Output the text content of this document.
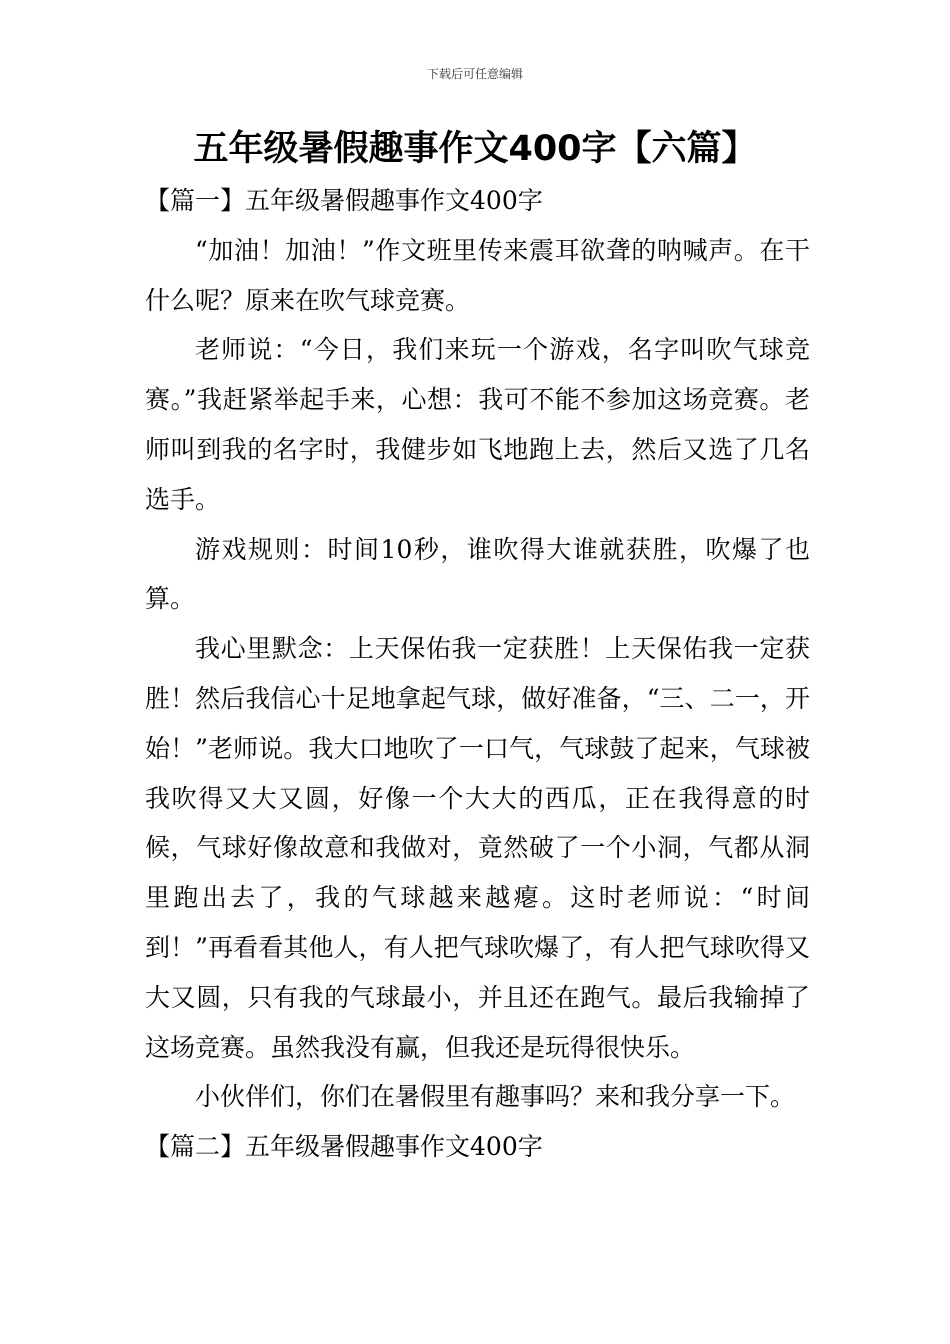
下载后可任意编辑
五年级暑假趣事作文400字【六篇】

【篇一】五年级暑假趣事作文400字

“加油！加油！”作文班里传来震耳欲聋的呐喊声。在干什么呢？原来在吹气球竞赛。

老师说：“今日，我们来玩一个游戏，名字叫吹气球竞赛。”我赶紧举起手来，心想：我可不能不参加这场竞赛。老师叫到我的名字时，我健步如飞地跑上去，然后又选了几名选手。

游戏规则：时间10秒，谁吹得大谁就获胜，吹爆了也算。

我心里默念：上天保佑我一定获胜！上天保佑我一定获胜！然后我信心十足地拿起气球，做好准备，“三、二一，开始！”老师说。我大口地吹了一口气，气球鼓了起来，气球被我吹得又大又圆，好像一个大大的西瓜，正在我得意的时候，气球好像故意和我做对，竟然破了一个小洞，气都从洞里跑出去了，我的气球越来越瘪。这时老师说：“时间到！”再看看其他人，有人把气球吹爆了，有人把气球吹得又大又圆，只有我的气球最小，并且还在跑气。最后我输掉了这场竞赛。虽然我没有赢，但我还是玩得很快乐。

小伙伴们，你们在暑假里有趣事吗？来和我分享一下。

【篇二】五年级暑假趣事作文400字
